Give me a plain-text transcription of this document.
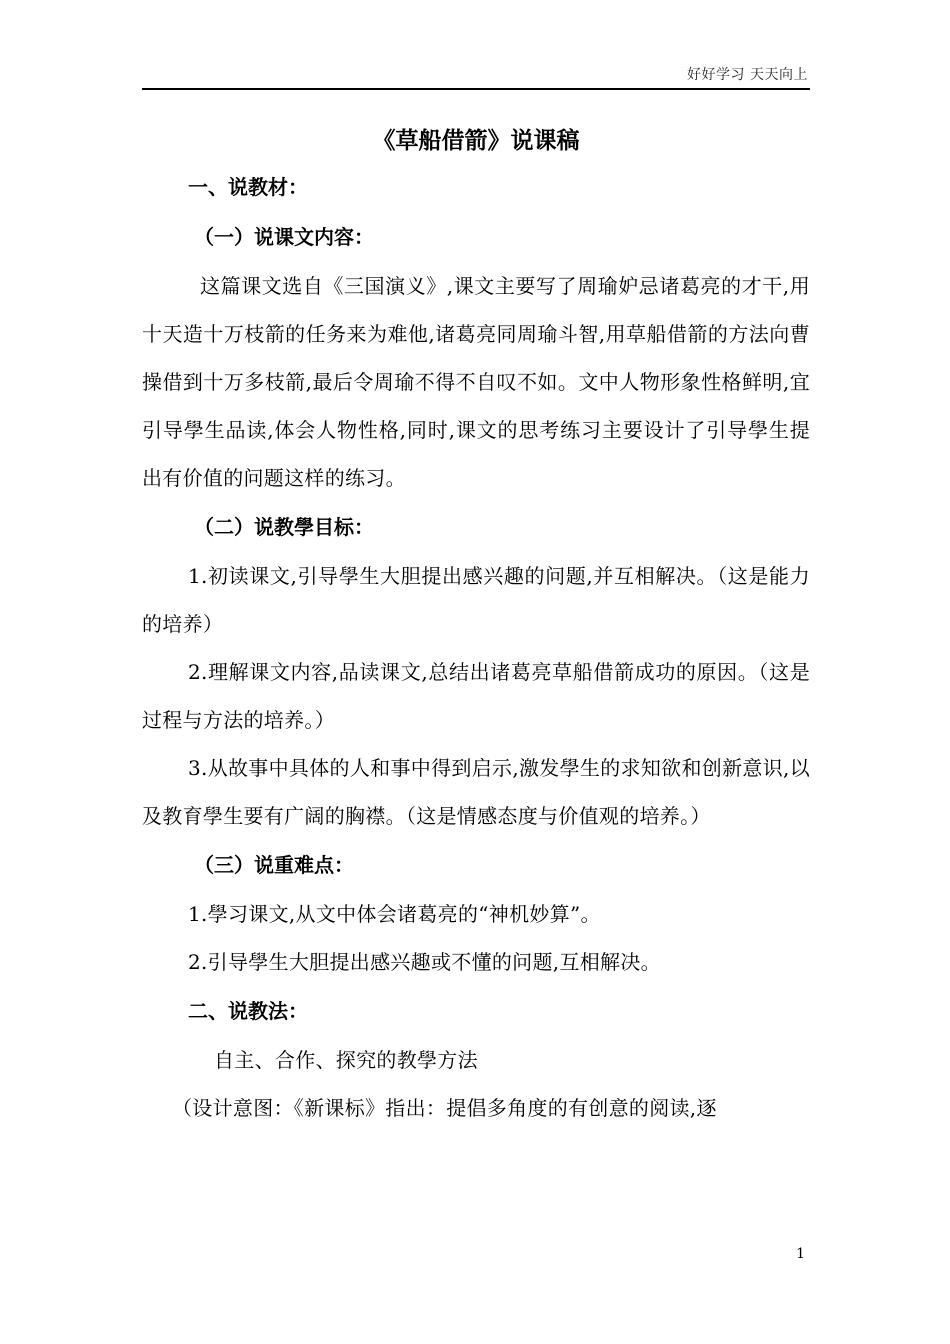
好好学习 天天向上

《草船借箭》说课稿

一、说教材：

（一）说课文内容：

这篇课文选自《三国演义》,课文主要写了周瑜妒忌诸葛亮的才干,用十天造十万枝箭的任务来为难他,诸葛亮同周瑜斗智,用草船借箭的方法向曹操借到十万多枝箭,最后令周瑜不得不自叹不如。文中人物形象性格鲜明,宜引导學生品读,体会人物性格,同时,课文的思考练习主要设计了引导學生提出有价值的问题这样的练习。

（二）说教學目标：

1.初读课文,引导學生大胆提出感兴趣的问题,并互相解决。（这是能力的培养）

2.理解课文内容,品读课文,总结出诸葛亮草船借箭成功的原因。（这是过程与方法的培养。）

3.从故事中具体的人和事中得到启示,激发學生的求知欲和创新意识,以及教育學生要有广阔的胸襟。（这是情感态度与价值观的培养。）

（三）说重难点：

1.學习课文,从文中体会诸葛亮的“神机妙算”。

2.引导學生大胆提出感兴趣或不懂的问题,互相解决。

二、说教法：

自主、合作、探究的教學方法

（设计意图：《新课标》指出：提倡多角度的有创意的阅读,逐

1
